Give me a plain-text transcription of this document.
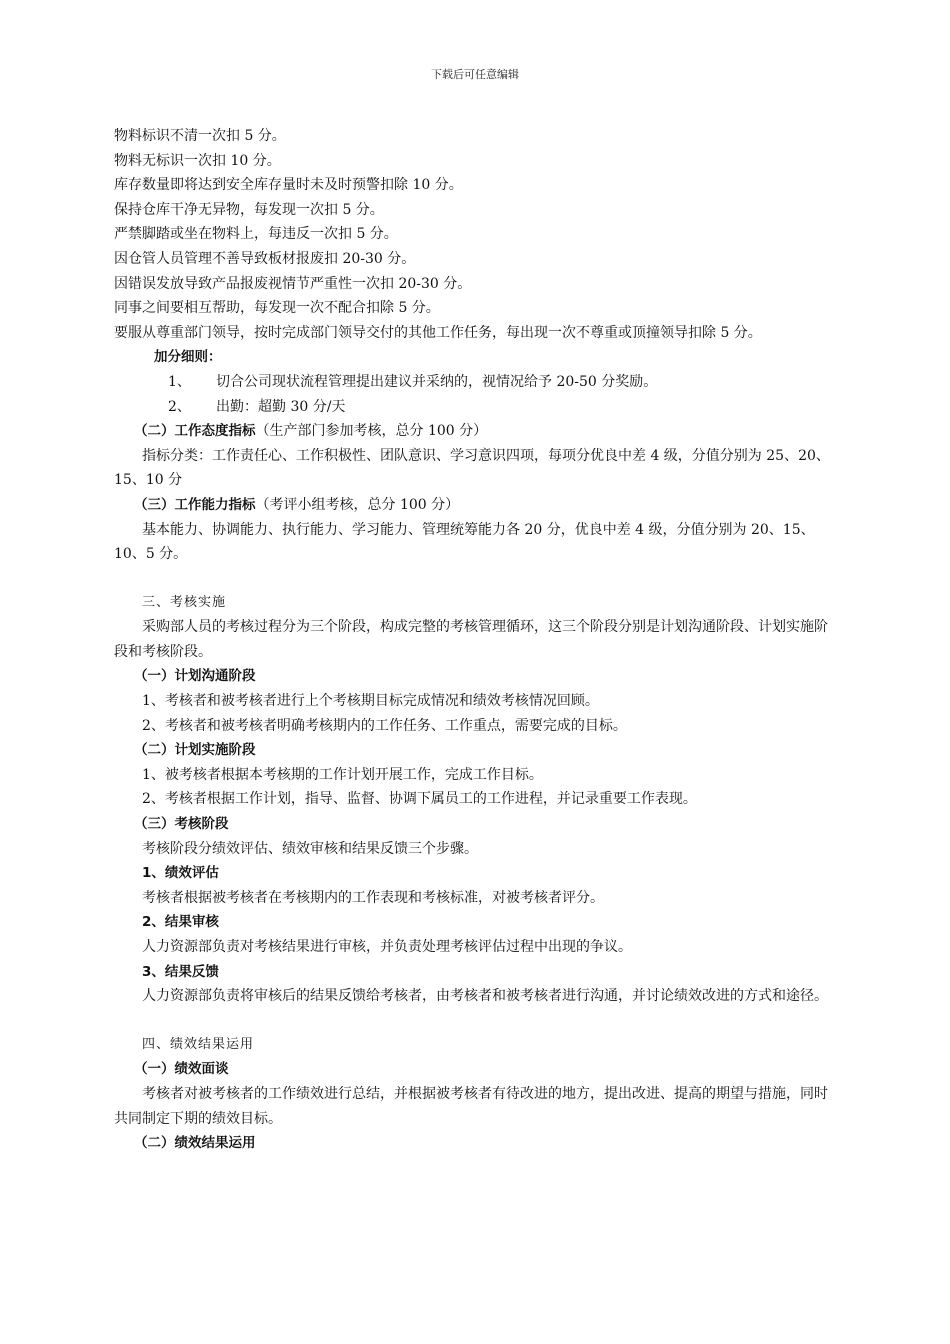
下载后可任意编辑

物料标识不清一次扣 5 分。

物料无标识一次扣 10 分。

库存数量即将达到安全库存量时未及时预警扣除 10 分。

保持仓库干净无异物，每发现一次扣 5 分。

严禁脚踏或坐在物料上，每违反一次扣 5 分。

因仓管人员管理不善导致板材报废扣 20-30 分。

因错误发放导致产品报废视情节严重性一次扣 20-30 分。

同事之间要相互帮助，每发现一次不配合扣除 5 分。

要服从尊重部门领导，按时完成部门领导交付的其他工作任务，每出现一次不尊重或顶撞领导扣除 5 分。

加分细则：

1、 切合公司现状流程管理提出建议并采纳的，视情况给予 20-50 分奖励。

2、 出勤：超勤 30 分/天

（二）工作态度指标（生产部门参加考核，总分 100 分）

指标分类：工作责任心、工作积极性、团队意识、学习意识四项，每项分优良中差 4 级，分值分别为 25、20、15、10 分

（三）工作能力指标（考评小组考核，总分 100 分）

基本能力、协调能力、执行能力、学习能力、管理统筹能力各 20 分，优良中差 4 级，分值分别为 20、15、10、5 分。

三、考核实施

采购部人员的考核过程分为三个阶段，构成完整的考核管理循环，这三个阶段分别是计划沟通阶段、计划实施阶段和考核阶段。

（一）计划沟通阶段

1、考核者和被考核者进行上个考核期目标完成情况和绩效考核情况回顾。

2、考核者和被考核者明确考核期内的工作任务、工作重点，需要完成的目标。

（二）计划实施阶段

1、被考核者根据本考核期的工作计划开展工作，完成工作目标。

2、考核者根据工作计划，指导、监督、协调下属员工的工作进程，并记录重要工作表现。

（三）考核阶段

考核阶段分绩效评估、绩效审核和结果反馈三个步骤。

1、绩效评估

考核者根据被考核者在考核期内的工作表现和考核标准，对被考核者评分。

2、结果审核

人力资源部负责对考核结果进行审核，并负责处理考核评估过程中出现的争议。

3、结果反馈

人力资源部负责将审核后的结果反馈给考核者，由考核者和被考核者进行沟通，并讨论绩效改进的方式和途径。

四、绩效结果运用

（一）绩效面谈

考核者对被考核者的工作绩效进行总结，并根据被考核者有待改进的地方，提出改进、提高的期望与措施，同时共同制定下期的绩效目标。

（二）绩效结果运用
